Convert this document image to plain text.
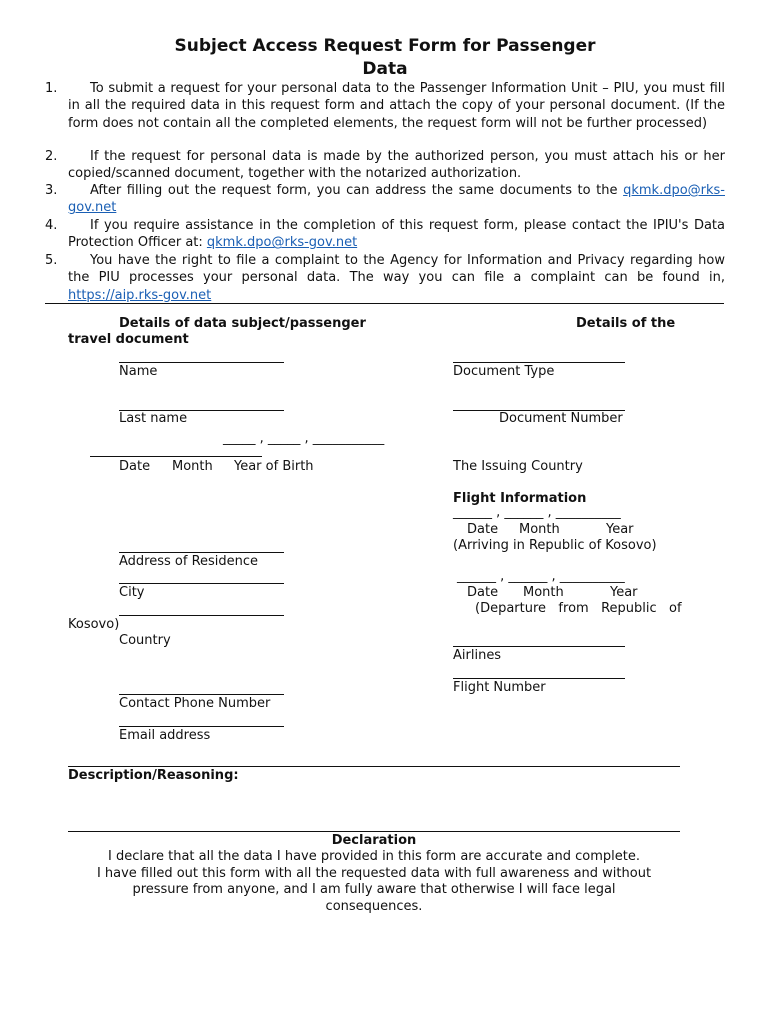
Subject Access Request Form for Passenger
Data
1.	To submit a request for your personal data to the Passenger Information Unit – PIU, you must fill in all the required data in this request form and attach the copy of your personal document. (If the form does not contain all the completed elements, the request form will not be further processed)
2.	If the request for personal data is made by the authorized person, you must attach his or her copied/scanned document, together with the notarized authorization.
3.	After filling out the request form, you can address the same documents to the qkmk.dpo@rks-gov.net
4.	If you require assistance in the completion of this request form, please contact the IPIU's Data Protection Officer at: qkmk.dpo@rks-gov.net
5.	You have the right to file a complaint to the Agency for Information and Privacy regarding how the PIU processes your personal data. The way you can file a complaint can be found in, https://aip.rks-gov.net
Details of data subject/passenger	Details of the
travel document
Name
Last name
_____ , _____ , ___________
Date Month Year of Birth
Address of Residence
City
Country
Contact Phone Number
Email address
Document Type
Document Number
The Issuing Country
Flight Information
______ , ______ , __________
Date Month	Year
(Arriving in Republic of Kosovo)
______ , ______ , __________
Date Month	Year
(Departure   from   Republic   of
Kosovo)
Airlines
Flight Number
Description/Reasoning:
Declaration
I declare that all the data I have provided in this form are accurate and complete.
I have filled out this form with all the requested data with full awareness and without
pressure from anyone, and I am fully aware that otherwise I will face legal
consequences.
